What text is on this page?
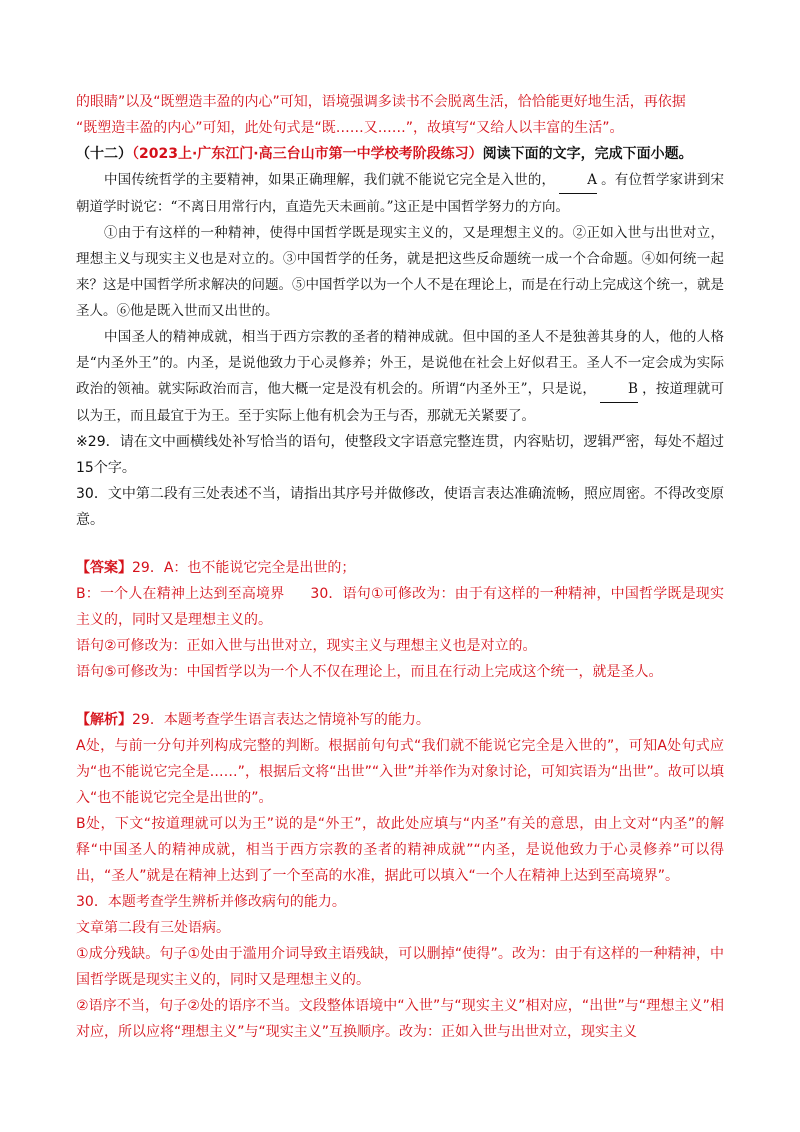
的眼睛”以及“既塑造丰盈的内心”可知，语境强调多读书不会脱离生活，恰恰能更好地生活，再依据

“既塑造丰盈的内心”可知，此处句式是“既……又……”，故填写“又给人以丰富的生活”。

（十二）（2023上·广东江门·高三台山市第一中学校考阶段练习）阅读下面的文字，完成下面小题。

中国传统哲学的主要精神，如果正确理解，我们就不能说它完全是入世的， A 。有位哲学家讲到宋朝道学时说它：“不离日用常行内，直造先天未画前。”这正是中国哲学努力的方向。

①由于有这样的一种精神，使得中国哲学既是现实主义的，又是理想主义的。②正如入世与出世对立，理想主义与现实主义也是对立的。③中国哲学的任务，就是把这些反命题统一成一个合命题。④如何统一起来？这是中国哲学所求解决的问题。⑤中国哲学以为一个人不是在理论上，而是在行动上完成这个统一，就是圣人。⑥他是既入世而又出世的。

中国圣人的精神成就，相当于西方宗教的圣者的精神成就。但中国的圣人不是独善其身的人，他的人格是“内圣外王”的。内圣，是说他致力于心灵修养；外王，是说他在社会上好似君王。圣人不一定会成为实际政治的领袖。就实际政治而言，他大概一定是没有机会的。所谓“内圣外王”，只是说， B ，按道理就可以为王，而且最宜于为王。至于实际上他有机会为王与否，那就无关紧要了。

※29．请在文中画横线处补写恰当的语句，使整段文字语意完整连贯，内容贴切，逻辑严密，每处不超过15个字。

30．文中第二段有三处表述不当，请指出其序号并做修改，使语言表达准确流畅，照应周密。不得改变原意。

【答案】29．A：也不能说它完全是出世的；

B：一个人在精神上达到至高境界 30．语句①可修改为：由于有这样的一种精神，中国哲学既是现实主义的，同时又是理想主义的。

语句②可修改为：正如入世与出世对立，现实主义与理想主义也是对立的。

语句⑤可修改为：中国哲学以为一个人不仅在理论上，而且在行动上完成这个统一，就是圣人。

【解析】29．本题考查学生语言表达之情境补写的能力。

A处，与前一分句并列构成完整的判断。根据前句句式“我们就不能说它完全是入世的”，可知A处句式应为“也不能说它完全是……”，根据后文将“出世”“入世”并举作为对象讨论，可知宾语为“出世”。故可以填入“也不能说它完全是出世的”。

B处，下文“按道理就可以为王”说的是“外王”，故此处应填与“内圣”有关的意思，由上文对“内圣”的解释“中国圣人的精神成就，相当于西方宗教的圣者的精神成就”“内圣，是说他致力于心灵修养”可以得出，“圣人”就是在精神上达到了一个至高的水准，据此可以填入“一个人在精神上达到至高境界”。

30．本题考查学生辨析并修改病句的能力。

文章第二段有三处语病。

①成分残缺。句子①处由于滥用介词导致主语残缺，可以删掉“使得”。改为：由于有这样的一种精神，中国哲学既是现实主义的，同时又是理想主义的。

②语序不当，句子②处的语序不当。文段整体语境中“入世”与“现实主义”相对应，“出世”与“理想主义”相对应，所以应将“理想主义”与“现实主义”互换顺序。改为：正如入世与出世对立，现实主义
